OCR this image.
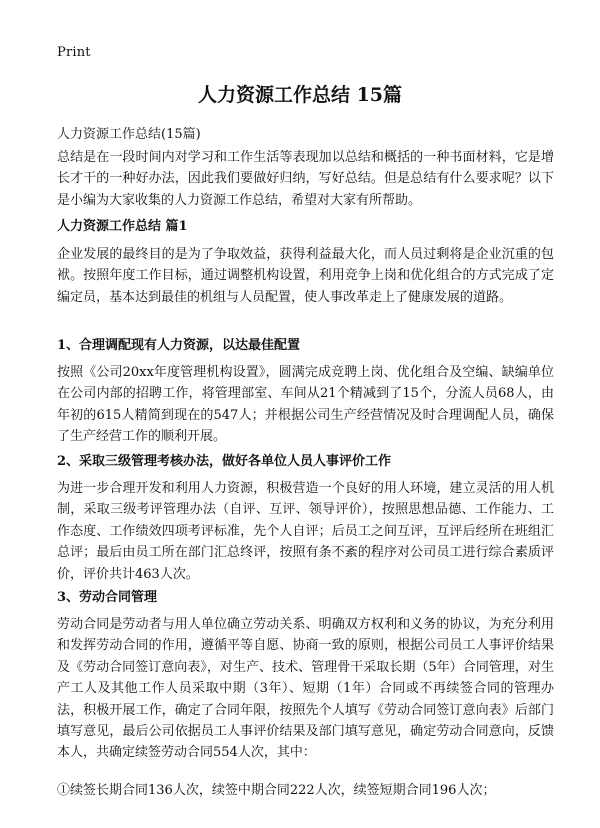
Print
人力资源工作总结 15篇
人力资源工作总结(15篇)

总结是在一段时间内对学习和工作生活等表现加以总结和概括的一种书面材料，它是增长才干的一种好办法，因此我们要做好归纳，写好总结。但是总结有什么要求呢？以下是小编为大家收集的人力资源工作总结，希望对大家有所帮助。

人力资源工作总结 篇1

企业发展的最终目的是为了争取效益，获得利益最大化，而人员过剩将是企业沉重的包袱。按照年度工作目标，通过调整机构设置，利用竞争上岗和优化组合的方式完成了定编定员，基本达到最佳的机组与人员配置，使人事改革走上了健康发展的道路。

1、合理调配现有人力资源，以达最佳配置

按照《公司20xx年度管理机构设置》，圆满完成竞聘上岗、优化组合及空编、缺编单位在公司内部的招聘工作，将管理部室、车间从21个精减到了15个，分流人员68人，由年初的615人精简到现在的547人；并根据公司生产经营情况及时合理调配人员，确保了生产经营工作的顺利开展。

2、采取三级管理考核办法，做好各单位人员人事评价工作

为进一步合理开发和利用人力资源，积极营造一个良好的用人环境，建立灵活的用人机制，采取三级考评管理办法（自评、互评、领导评价），按照思想品德、工作能力、工作态度、工作绩效四项考评标准，先个人自评；后员工之间互评，互评后经所在班组汇总评；最后由员工所在部门汇总终评，按照有条不紊的程序对公司员工进行综合素质评价，评价共计463人次。

3、劳动合同管理

劳动合同是劳动者与用人单位确立劳动关系、明确双方权利和义务的协议，为充分利用和发挥劳动合同的作用，遵循平等自愿、协商一致的原则，根据公司员工人事评价结果及《劳动合同签订意向表》，对生产、技术、管理骨干采取长期（5年）合同管理，对生产工人及其他工作人员采取中期（3年）、短期（1年）合同或不再续签合同的管理办法，积极开展工作，确定了合同年限，按照先个人填写《劳动合同签订意向表》后部门填写意见，最后公司依据员工人事评价结果及部门填写意见，确定劳动合同意向，反馈本人，共确定续签劳动合同554人次，其中：

①续签长期合同136人次，续签中期合同222人次，续签短期合同196人次；
